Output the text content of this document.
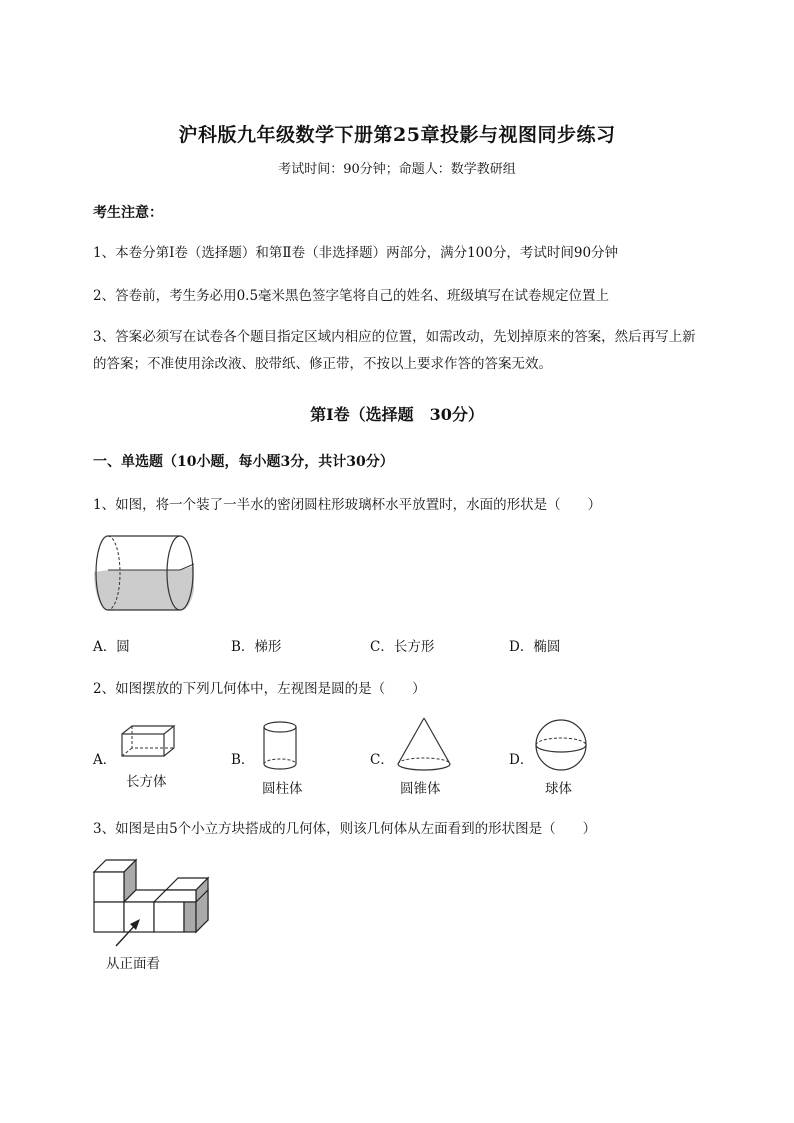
沪科版九年级数学下册第25章投影与视图同步练习
考试时间：90分钟；命题人：数学教研组
考生注意：
1、本卷分第Ⅰ卷（选择题）和第Ⅱ卷（非选择题）两部分，满分100分，考试时间90分钟
2、答卷前，考生务必用0.5毫米黑色签字笔将自己的姓名、班级填写在试卷规定位置上
3、答案必须写在试卷各个题目指定区域内相应的位置，如需改动，先划掉原来的答案，然后再写上新
的答案；不准使用涂改液、胶带纸、修正带，不按以上要求作答的答案无效。
第Ⅰ卷（选择题　30分）
一、单选题（10小题，每小题3分，共计30分）
1、如图，将一个装了一半水的密闭圆柱形玻璃杯水平放置时，水面的形状是（　　）
A．圆	B．梯形	C．长方形	D．椭圆
2、如图摆放的下列几何体中，左视图是圆的是（　　）
A．
长方体
B．
圆柱体
C．
圆锥体
D．
球体
3、如图是由5个小立方块搭成的几何体，则该几何体从左面看到的形状图是（　　）
从正面看
